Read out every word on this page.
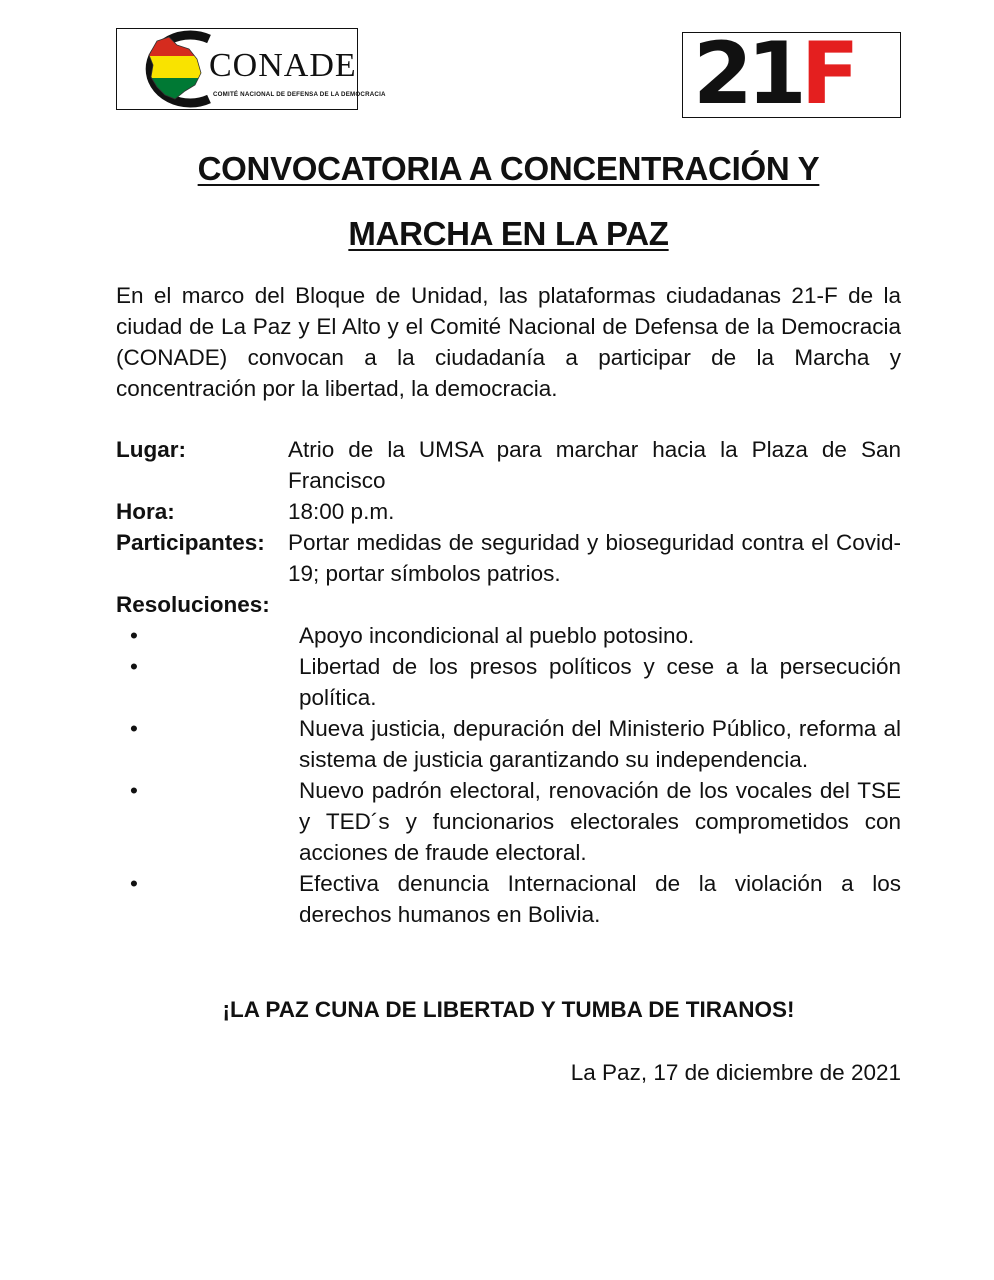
CONADE
COMITÉ NACIONAL DE DEFENSA DE LA DEMOCRACIA	21F
CONVOCATORIA A CONCENTRACIÓN Y
MARCHA EN LA PAZ
En el marco del Bloque de Unidad, las plataformas ciudadanas 21-F de la ciudad de La Paz y El Alto y el Comité Nacional de Defensa de la Democracia (CONADE) convocan a la ciudadanía a participar de la Marcha y concentración por la libertad, la democracia.
Lugar:	Atrio de la UMSA para marchar hacia la Plaza de San Francisco
Hora:	18:00 p.m.
Participantes:	Portar medidas de seguridad y bioseguridad contra el Covid-19; portar símbolos patrios.
Resoluciones:
•	Apoyo incondicional al pueblo potosino.
•	Libertad de los presos políticos y cese a la persecución política.
•	Nueva justicia, depuración del Ministerio Público, reforma al sistema de justicia garantizando su independencia.
•	Nuevo padrón electoral, renovación de los vocales del TSE y TED´s y funcionarios electorales comprometidos con acciones de fraude electoral.
•	Efectiva denuncia Internacional de la violación a los derechos humanos en Bolivia.
¡LA PAZ CUNA DE LIBERTAD Y TUMBA DE TIRANOS!
La Paz, 17 de diciembre de 2021
